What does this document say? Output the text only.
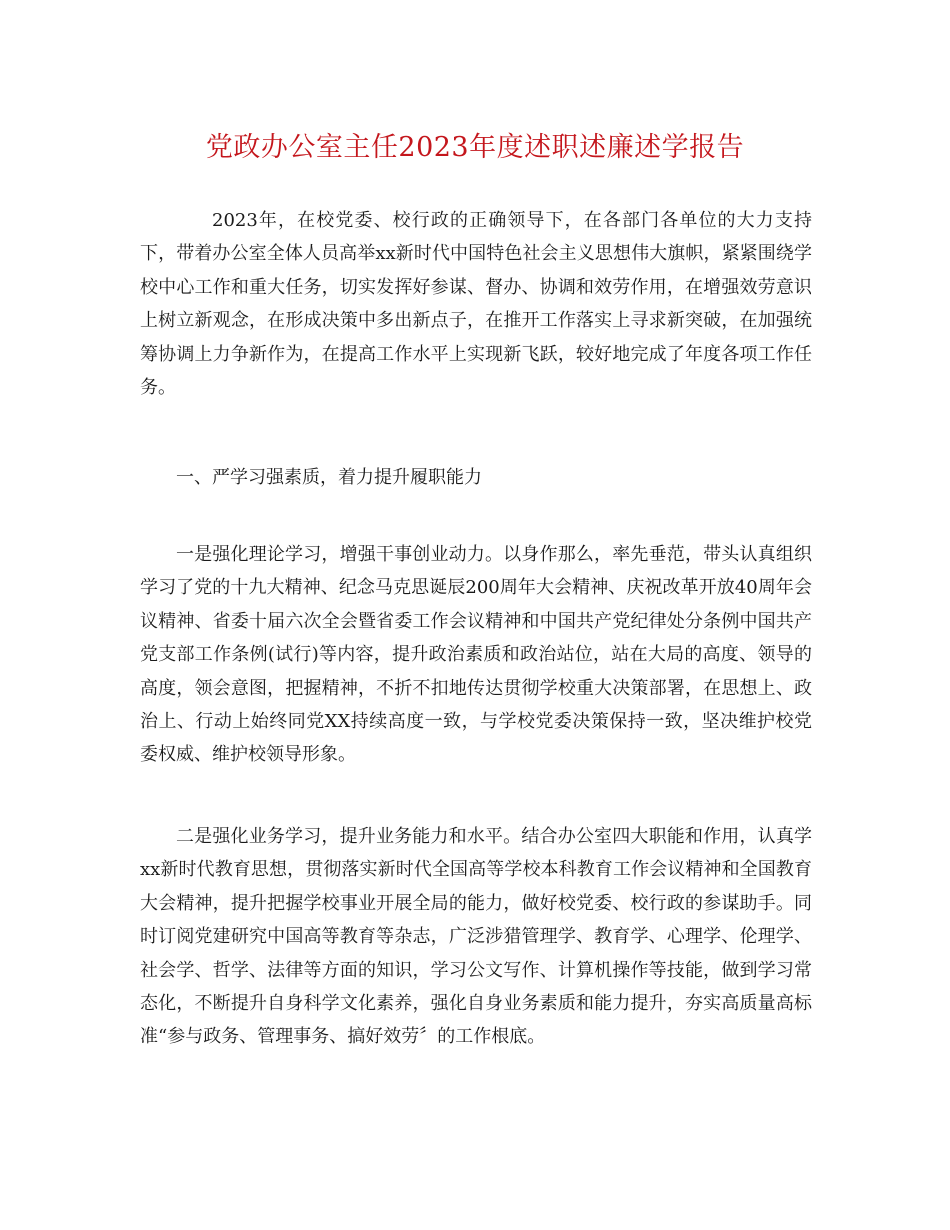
党政办公室主任2023年度述职述廉述学报告

2023年，在校党委、校行政的正确领导下，在各部门各单位的大力支持下，带着办公室全体人员高举xx新时代中国特色社会主义思想伟大旗帜，紧紧围绕学校中心工作和重大任务，切实发挥好参谋、督办、协调和效劳作用，在增强效劳意识上树立新观念，在形成决策中多出新点子，在推开工作落实上寻求新突破，在加强统筹协调上力争新作为，在提高工作水平上实现新飞跃，较好地完成了年度各项工作任务。

一、严学习强素质，着力提升履职能力

一是强化理论学习，增强干事创业动力。以身作那么，率先垂范，带头认真组织学习了党的十九大精神、纪念马克思诞辰200周年大会精神、庆祝改革开放40周年会议精神、省委十届六次全会暨省委工作会议精神和中国共产党纪律处分条例中国共产党支部工作条例(试行)等内容，提升政治素质和政治站位，站在大局的高度、领导的高度，领会意图，把握精神，不折不扣地传达贯彻学校重大决策部署，在思想上、政治上、行动上始终同党XX持续高度一致，与学校党委决策保持一致，坚决维护校党委权威、维护校领导形象。

二是强化业务学习，提升业务能力和水平。结合办公室四大职能和作用，认真学xx新时代教育思想，贯彻落实新时代全国高等学校本科教育工作会议精神和全国教育大会精神，提升把握学校事业开展全局的能力，做好校党委、校行政的参谋助手。同时订阅党建研究中国高等教育等杂志，广泛涉猎管理学、教育学、心理学、伦理学、社会学、哲学、法律等方面的知识，学习公文写作、计算机操作等技能，做到学习常态化，不断提升自身科学文化素养，强化自身业务素质和能力提升，夯实高质量高标准“参与政务、管理事务、搞好效劳〞的工作根底。
